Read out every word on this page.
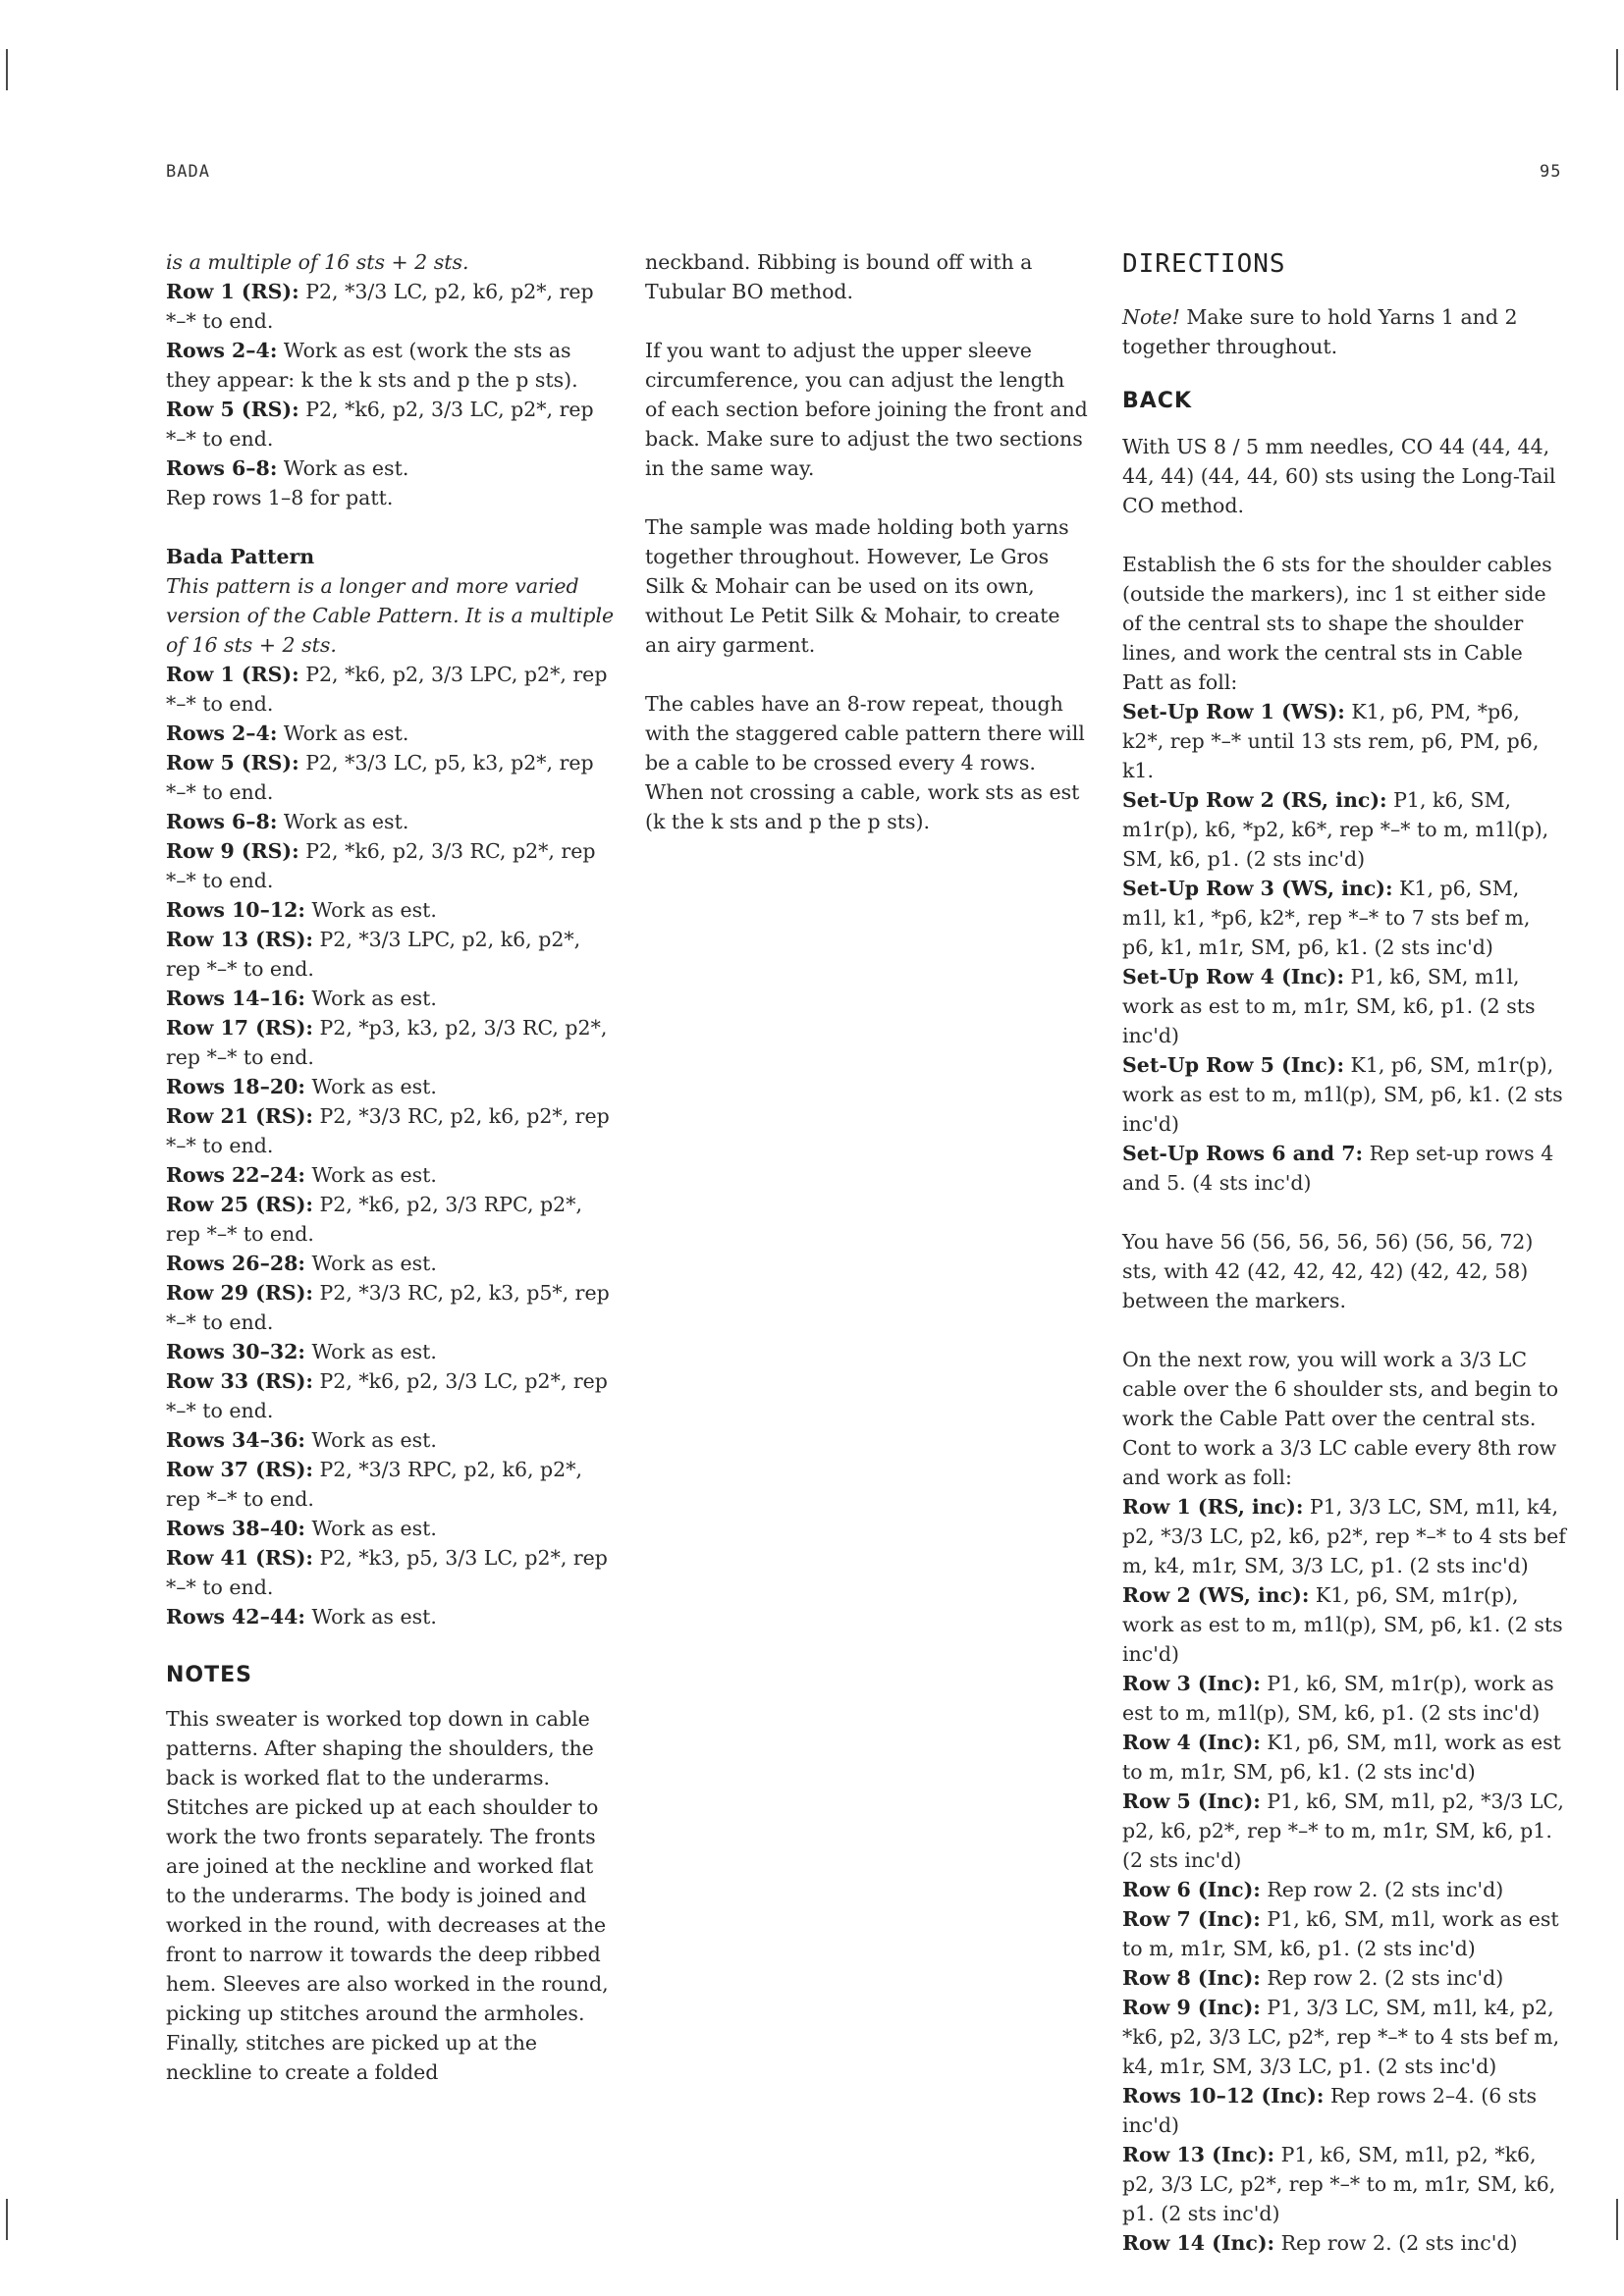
BADA	95

is a multiple of 16 sts + 2 sts.

Row 1 (RS): P2, *3/3 LC, p2, k6, p2*, rep *–* to end.

Rows 2–4: Work as est (work the sts as they appear: k the k sts and p the p sts).

Row 5 (RS): P2, *k6, p2, 3/3 LC, p2*, rep *–* to end.

Rows 6–8: Work as est.

Rep rows 1–8 for patt.

Bada Pattern

This pattern is a longer and more varied version of the Cable Pattern. It is a multiple of 16 sts + 2 sts.

Row 1 (RS): P2, *k6, p2, 3/3 LPC, p2*, rep *–* to end.

Rows 2–4: Work as est.

Row 5 (RS): P2, *3/3 LC, p5, k3, p2*, rep *–* to end.

Rows 6–8: Work as est.

Row 9 (RS): P2, *k6, p2, 3/3 RC, p2*, rep *–* to end.

Rows 10–12: Work as est.

Row 13 (RS): P2, *3/3 LPC, p2, k6, p2*, rep *–* to end.

Rows 14–16: Work as est.

Row 17 (RS): P2, *p3, k3, p2, 3/3 RC, p2*, rep *–* to end.

Rows 18–20: Work as est.

Row 21 (RS): P2, *3/3 RC, p2, k6, p2*, rep *–* to end.

Rows 22–24: Work as est.

Row 25 (RS): P2, *k6, p2, 3/3 RPC, p2*, rep *–* to end.

Rows 26–28: Work as est.

Row 29 (RS): P2, *3/3 RC, p2, k3, p5*, rep *–* to end.

Rows 30–32: Work as est.

Row 33 (RS): P2, *k6, p2, 3/3 LC, p2*, rep *–* to end.

Rows 34–36: Work as est.

Row 37 (RS): P2, *3/3 RPC, p2, k6, p2*, rep *–* to end.

Rows 38–40: Work as est.

Row 41 (RS): P2, *k3, p5, 3/3 LC, p2*, rep *–* to end.

Rows 42–44: Work as est.

NOTES

This sweater is worked top down in cable patterns. After shaping the shoulders, the back is worked flat to the underarms. Stitches are picked up at each shoulder to work the two fronts separately. The fronts are joined at the neckline and worked flat to the underarms. The body is joined and worked in the round, with decreases at the front to narrow it towards the deep ribbed hem. Sleeves are also worked in the round, picking up stitches around the armholes. Finally, stitches are picked up at the neckline to create a folded

neckband. Ribbing is bound off with a Tubular BO method.

If you want to adjust the upper sleeve circumference, you can adjust the length of each section before joining the front and back. Make sure to adjust the two sections in the same way.

The sample was made holding both yarns together throughout. However, Le Gros Silk & Mohair can be used on its own, without Le Petit Silk & Mohair, to create an airy garment.

The cables have an 8-row repeat, though with the staggered cable pattern there will be a cable to be crossed every 4 rows. When not crossing a cable, work sts as est (k the k sts and p the p sts).

DIRECTIONS

Note! Make sure to hold Yarns 1 and 2 together throughout.

BACK

With US 8 / 5 mm needles, CO 44 (44, 44, 44, 44) (44, 44, 60) sts using the Long-Tail CO method.

Establish the 6 sts for the shoulder cables (outside the markers), inc 1 st either side of the central sts to shape the shoulder lines, and work the central sts in Cable Patt as foll:

Set-Up Row 1 (WS): K1, p6, PM, *p6, k2*, rep *–* until 13 sts rem, p6, PM, p6, k1.

Set-Up Row 2 (RS, inc): P1, k6, SM, m1r(p), k6, *p2, k6*, rep *–* to m, m1l(p), SM, k6, p1. (2 sts inc'd)

Set-Up Row 3 (WS, inc): K1, p6, SM, m1l, k1, *p6, k2*, rep *–* to 7 sts bef m, p6, k1, m1r, SM, p6, k1. (2 sts inc'd)

Set-Up Row 4 (Inc): P1, k6, SM, m1l, work as est to m, m1r, SM, k6, p1. (2 sts inc'd)

Set-Up Row 5 (Inc): K1, p6, SM, m1r(p), work as est to m, m1l(p), SM, p6, k1. (2 sts inc'd)

Set-Up Rows 6 and 7: Rep set-up rows 4 and 5. (4 sts inc'd)

You have 56 (56, 56, 56, 56) (56, 56, 72) sts, with 42 (42, 42, 42, 42) (42, 42, 58) between the markers.

On the next row, you will work a 3/3 LC cable over the 6 shoulder sts, and begin to work the Cable Patt over the central sts. Cont to work a 3/3 LC cable every 8th row and work as foll:

Row 1 (RS, inc): P1, 3/3 LC, SM, m1l, k4, p2, *3/3 LC, p2, k6, p2*, rep *–* to 4 sts bef m, k4, m1r, SM, 3/3 LC, p1. (2 sts inc'd)

Row 2 (WS, inc): K1, p6, SM, m1r(p), work as est to m, m1l(p), SM, p6, k1. (2 sts inc'd)

Row 3 (Inc): P1, k6, SM, m1r(p), work as est to m, m1l(p), SM, k6, p1. (2 sts inc'd)

Row 4 (Inc): K1, p6, SM, m1l, work as est to m, m1r, SM, p6, k1. (2 sts inc'd)

Row 5 (Inc): P1, k6, SM, m1l, p2, *3/3 LC, p2, k6, p2*, rep *–* to m, m1r, SM, k6, p1. (2 sts inc'd)

Row 6 (Inc): Rep row 2. (2 sts inc'd)

Row 7 (Inc): P1, k6, SM, m1l, work as est to m, m1r, SM, k6, p1. (2 sts inc'd)

Row 8 (Inc): Rep row 2. (2 sts inc'd)

Row 9 (Inc): P1, 3/3 LC, SM, m1l, k4, p2, *k6, p2, 3/3 LC, p2*, rep *–* to 4 sts bef m, k4, m1r, SM, 3/3 LC, p1. (2 sts inc'd)

Rows 10–12 (Inc): Rep rows 2–4. (6 sts inc'd)

Row 13 (Inc): P1, k6, SM, m1l, p2, *k6, p2, 3/3 LC, p2*, rep *–* to m, m1r, SM, k6, p1. (2 sts inc'd)

Row 14 (Inc): Rep row 2. (2 sts inc'd)
